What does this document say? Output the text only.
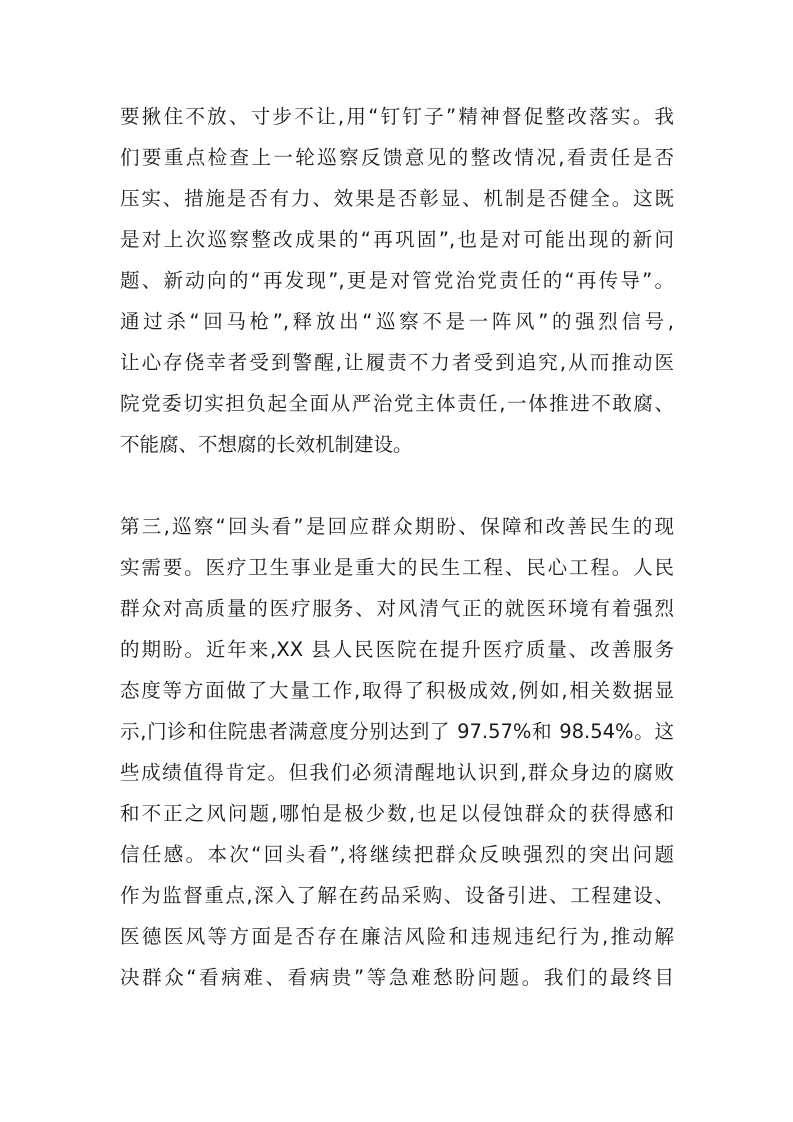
要揪住不放、寸步不让,用“钉钉子”精神督促整改落实。我
们要重点检查上一轮巡察反馈意见的整改情况,看责任是否
压实、措施是否有力、效果是否彰显、机制是否健全。这既
是对上次巡察整改成果的“再巩固”,也是对可能出现的新问
题、新动向的“再发现”,更是对管党治党责任的“再传导”。
通过杀“回马枪”,释放出“巡察不是一阵风”的强烈信号,
让心存侥幸者受到警醒,让履责不力者受到追究,从而推动医
院党委切实担负起全面从严治党主体责任,一体推进不敢腐、
不能腐、不想腐的长效机制建设。
第三,巡察“回头看”是回应群众期盼、保障和改善民生的现
实需要。医疗卫生事业是重大的民生工程、民心工程。人民
群众对高质量的医疗服务、对风清气正的就医环境有着强烈
的期盼。近年来,XX 县人民医院在提升医疗质量、改善服务
态度等方面做了大量工作,取得了积极成效,例如,相关数据显
示,门诊和住院患者满意度分别达到了 97.57%和 98.54%。这
些成绩值得肯定。但我们必须清醒地认识到,群众身边的腐败
和不正之风问题,哪怕是极少数,也足以侵蚀群众的获得感和
信任感。本次“回头看”,将继续把群众反映强烈的突出问题
作为监督重点,深入了解在药品采购、设备引进、工程建设、
医德医风等方面是否存在廉洁风险和违规违纪行为,推动解
决群众“看病难、看病贵”等急难愁盼问题。我们的最终目
